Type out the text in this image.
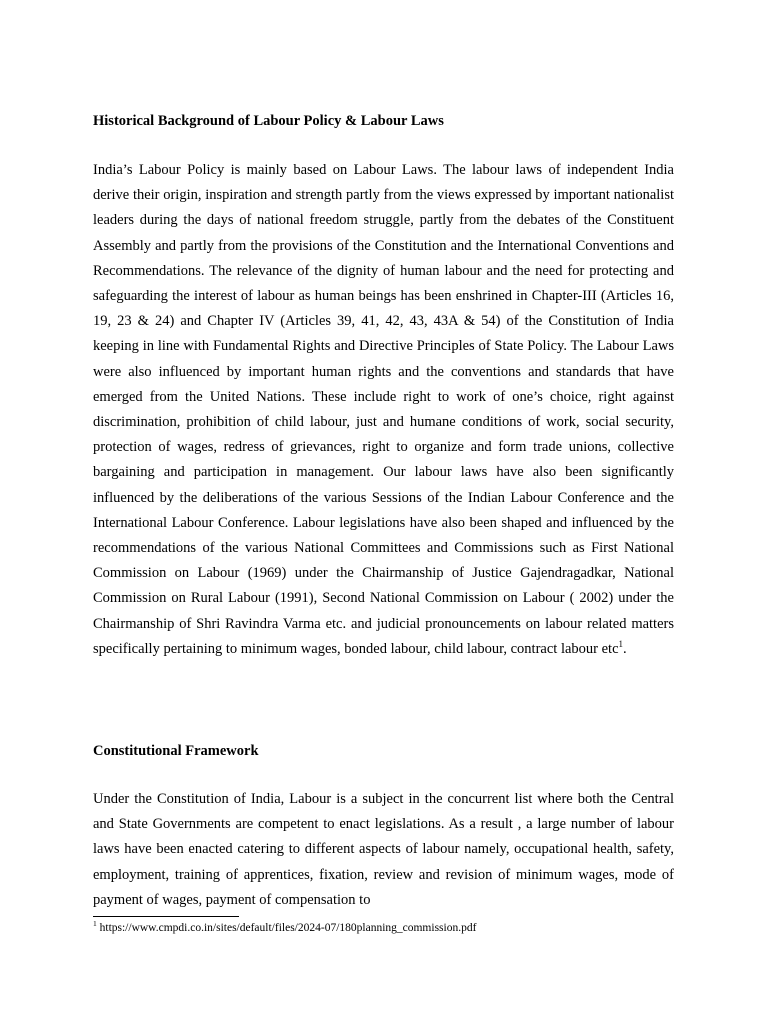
Historical Background of Labour Policy & Labour Laws

India’s Labour Policy is mainly based on Labour Laws. The labour laws of independent India derive their origin, inspiration and strength partly from the views expressed by important nationalist leaders during the days of national freedom struggle, partly from the debates of the Constituent Assembly and partly from the provisions of the Constitution and the International Conventions and Recommendations. The relevance of the dignity of human labour and the need for protecting and safeguarding the interest of labour as human beings has been enshrined in Chapter-III (Articles 16, 19, 23 & 24) and Chapter IV (Articles 39, 41, 42, 43, 43A & 54) of the Constitution of India keeping in line with Fundamental Rights and Directive Principles of State Policy. The Labour Laws were also influenced by important human rights and the conventions and standards that have emerged from the United Nations. These include right to work of one’s choice, right against discrimination, prohibition of child labour, just and humane conditions of work, social security, protection of wages, redress of grievances, right to organize and form trade unions, collective bargaining and participation in management. Our labour laws have also been significantly influenced by the deliberations of the various Sessions of the Indian Labour Conference and the International Labour Conference. Labour legislations have also been shaped and influenced by the recommendations of the various National Committees and Commissions such as First National Commission on Labour (1969) under the Chairmanship of Justice Gajendragadkar, National Commission on Rural Labour (1991), Second National Commission on Labour ( 2002) under the Chairmanship of Shri Ravindra Varma etc. and judicial pronouncements on labour related matters specifically pertaining to minimum wages, bonded labour, child labour, contract labour etc$^1$.

Constitutional Framework

Under the Constitution of India, Labour is a subject in the concurrent list where both the Central and State Governments are competent to enact legislations. As a result , a large number of labour laws have been enacted catering to different aspects of labour namely, occupational health, safety, employment, training of apprentices, fixation, review and revision of minimum wages, mode of payment of wages, payment of compensation to

$^1$ https://www.cmpdi.co.in/sites/default/files/2024-07/180planning_commission.pdf
